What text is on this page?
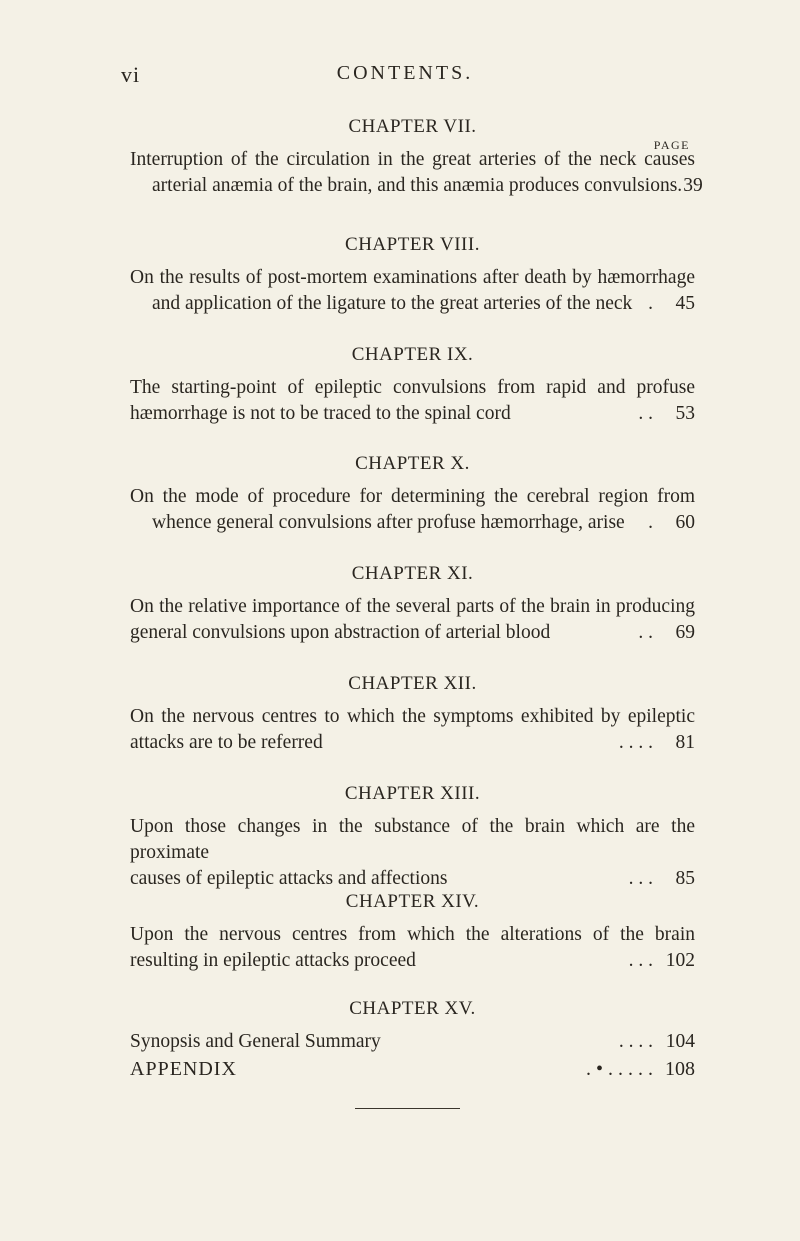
vi	CONTENTS.
PAGE
CHAPTER VII.
Interruption of the circulation in the great arteries of the neck causes
arterial anæmia of the brain, and this anæmia produces convulsions . 39
CHAPTER VIII.
On the results of post-mortem examinations after death by hæmorrhage
and application of the ligature to the great arteries of the neck .	45
CHAPTER IX.
The starting-point of epileptic convulsions from rapid and profuse
hæmorrhage is not to be traced to the spinal cord	. .	53
CHAPTER X.
On the mode of procedure for determining the cerebral region from
whence general convulsions after profuse hæmorrhage, arise	.	60
CHAPTER XI.
On the relative importance of the several parts of the brain in producing
general convulsions upon abstraction of arterial blood	. .	69
CHAPTER XII.
On the nervous centres to which the symptoms exhibited by epileptic
attacks are to be referred	. . . .	81
CHAPTER XIII.
Upon those changes in the substance of the brain which are the proximate
causes of epileptic attacks and affections	. . .	85
CHAPTER XIV.
Upon the nervous centres from which the alterations of the brain
resulting in epileptic attacks proceed	. . . 102
CHAPTER XV.
Synopsis and General Summary	. . . . 104
APPENDIX	. • . . . . . 108
